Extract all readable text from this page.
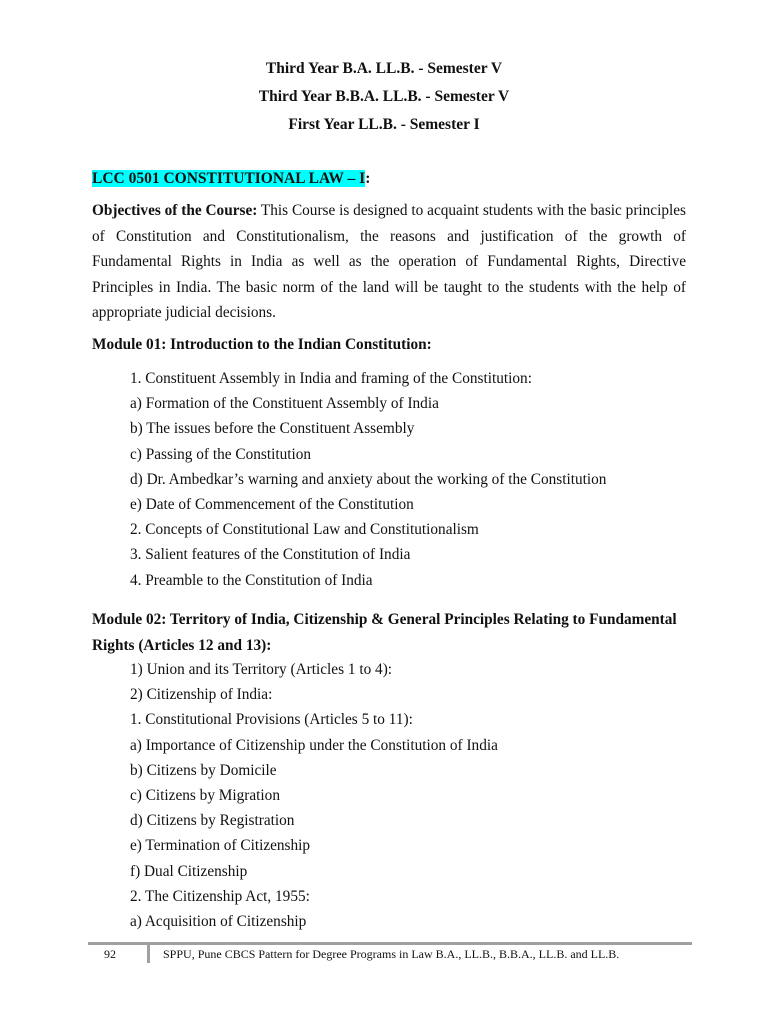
Third Year B.A. LL.B. - Semester V
Third Year B.B.A. LL.B. - Semester V
First Year LL.B. - Semester I
LCC 0501 CONSTITUTIONAL LAW – I:

Objectives of the Course: This Course is designed to acquaint students with the basic principles of Constitution and Constitutionalism, the reasons and justification of the growth of Fundamental Rights in India as well as the operation of Fundamental Rights, Directive Principles in India. The basic norm of the land will be taught to the students with the help of appropriate judicial decisions.

Module 01: Introduction to the Indian Constitution:

1. Constituent Assembly in India and framing of the Constitution:
a) Formation of the Constituent Assembly of India
b) The issues before the Constituent Assembly
c) Passing of the Constitution
d) Dr. Ambedkar’s warning and anxiety about the working of the Constitution
e) Date of Commencement of the Constitution
2. Concepts of Constitutional Law and Constitutionalism
3. Salient features of the Constitution of India
4. Preamble to the Constitution of India

Module 02: Territory of India, Citizenship & General Principles Relating to Fundamental Rights (Articles 12 and 13):

1) Union and its Territory (Articles 1 to 4):
2) Citizenship of India:
1. Constitutional Provisions (Articles 5 to 11):
a) Importance of Citizenship under the Constitution of India
b) Citizens by Domicile
c) Citizens by Migration
d) Citizens by Registration
e) Termination of Citizenship
f) Dual Citizenship
2. The Citizenship Act, 1955:
a) Acquisition of Citizenship
92	SPPU, Pune CBCS Pattern for Degree Programs in Law B.A., LL.B., B.B.A., LL.B. and LL.B.
